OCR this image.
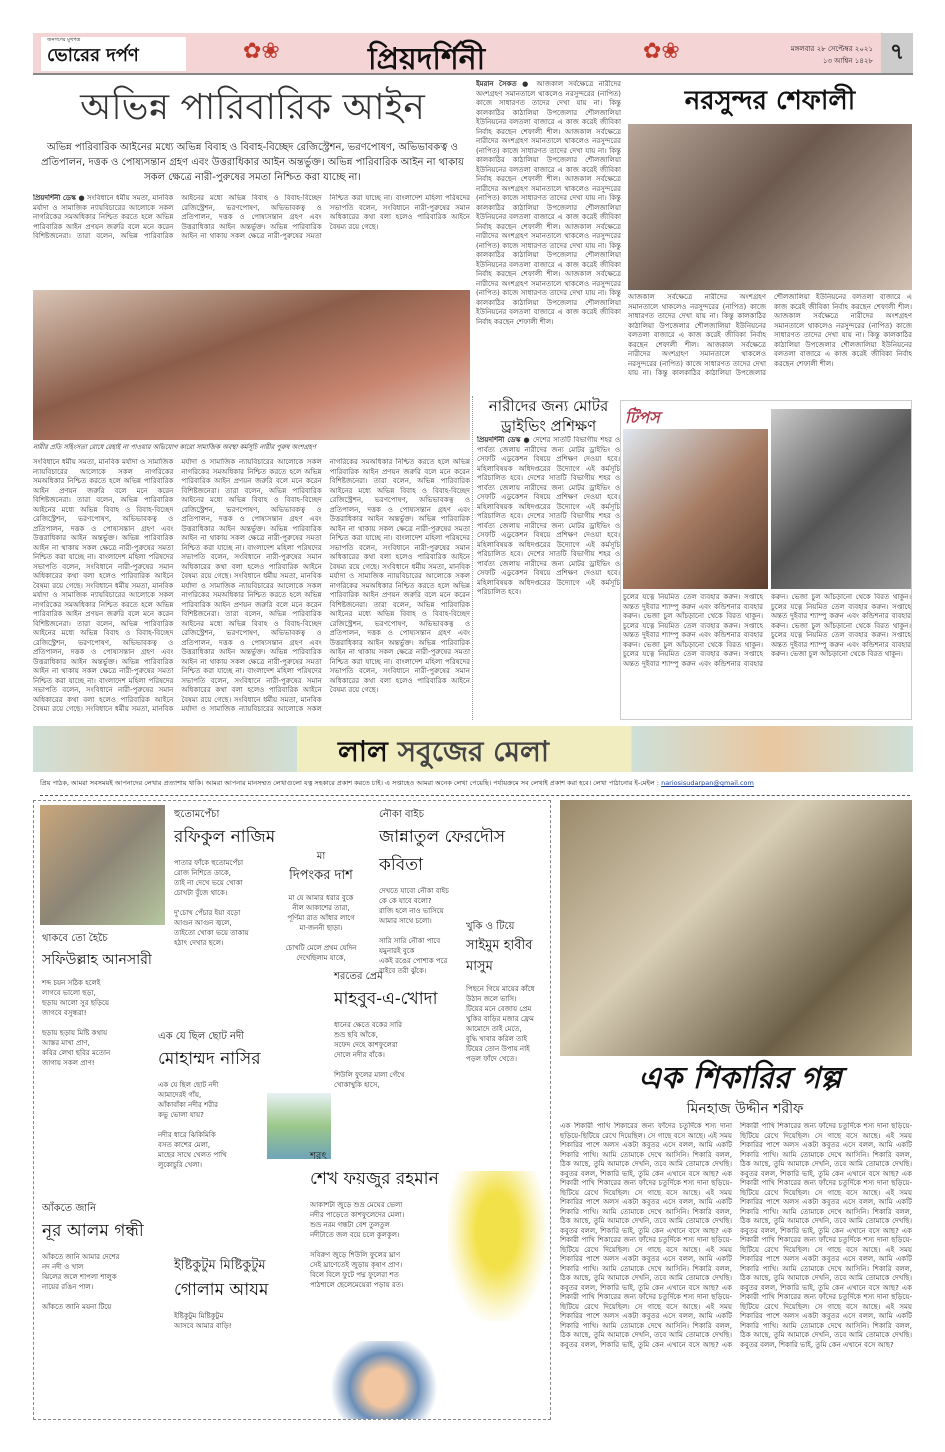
জনগণের মুখপত্র
ভোরের দর্পণ	✿❀	প্রিয়দর্শিনী	✿❀	মঙ্গলবার ২৮ সেপ্টেম্বর ২০২১
১৩ আশ্বিন ১৪২৮ ৭
অভিন্ন পারিবারিক আইন
অভিন্ন পারিবারিক আইনের মধ্যে অভিন্ন বিবাহ ও বিবাহ-বিচ্ছেদ রেজিস্ট্রেশন, ভরণপোষণ, অভিভাবকত্ব ও প্রতিপালন, দত্তক ও পোষ্যসন্তান গ্রহণ এবং উত্তরাধিকার আইন অন্তর্ভুক্ত। অভিন্ন পারিবারিক আইন না থাকায় সকল ক্ষেত্রে নারী-পুরুষের সমতা নিশ্চিত করা যাচ্ছে না।
প্রিয়দর্শিনী ডেস্ক ● সংবিধানে ধর্মীয় সমতা, মানবিক মর্যাদা ও সামাজিক ন্যায়বিচারের আলোকে সকল নাগরিকের সমঅধিকার নিশ্চিত করতে হলে অভিন্ন পারিবারিক আইন প্রণয়ন জরুরি বলে মনে করেন বিশিষ্টজনেরা। তারা বলেন, অভিন্ন পারিবারিক আইনের মধ্যে অভিন্ন বিবাহ ও বিবাহ-বিচ্ছেদ রেজিস্ট্রেশন, ভরণপোষণ, অভিভাবকত্ব ও প্রতিপালন, দত্তক ও পোষ্যসন্তান গ্রহণ এবং উত্তরাধিকার আইন অন্তর্ভুক্ত। অভিন্ন পারিবারিক আইন না থাকায় সকল ক্ষেত্রে নারী-পুরুষের সমতা নিশ্চিত করা যাচ্ছে না। বাংলাদেশ মহিলা পরিষদের সভাপতি বলেন, সংবিধানে নারী-পুরুষের সমান অধিকারের কথা বলা হলেও পারিবারিক আইনে বৈষম্য রয়ে গেছে।
নারীর প্রতি সহিংসতা রোধে রেহাই না পাওয়ার অভিযোগ কারো সামাজিক অবস্থা কর্মসূচি নারীর পুরুষ অংশগ্রহণ
সংবিধানে ধর্মীয় সমতা, মানবিক মর্যাদা ও সামাজিক ন্যায়বিচারের আলোকে সকল নাগরিকের সমঅধিকার নিশ্চিত করতে হলে অভিন্ন পারিবারিক আইন প্রণয়ন জরুরি বলে মনে করেন বিশিষ্টজনেরা। তারা বলেন, অভিন্ন পারিবারিক আইনের মধ্যে অভিন্ন বিবাহ ও বিবাহ-বিচ্ছেদ রেজিস্ট্রেশন, ভরণপোষণ, অভিভাবকত্ব ও প্রতিপালন, দত্তক ও পোষ্যসন্তান গ্রহণ এবং উত্তরাধিকার আইন অন্তর্ভুক্ত। অভিন্ন পারিবারিক আইন না থাকায় সকল ক্ষেত্রে নারী-পুরুষের সমতা নিশ্চিত করা যাচ্ছে না। বাংলাদেশ মহিলা পরিষদের সভাপতি বলেন, সংবিধানে নারী-পুরুষের সমান অধিকারের কথা বলা হলেও পারিবারিক আইনে বৈষম্য রয়ে গেছে। সংবিধানে ধর্মীয় সমতা, মানবিক মর্যাদা ও সামাজিক ন্যায়বিচারের আলোকে সকল নাগরিকের সমঅধিকার নিশ্চিত করতে হলে অভিন্ন পারিবারিক আইন প্রণয়ন জরুরি বলে মনে করেন বিশিষ্টজনেরা। তারা বলেন, অভিন্ন পারিবারিক আইনের মধ্যে অভিন্ন বিবাহ ও বিবাহ-বিচ্ছেদ রেজিস্ট্রেশন, ভরণপোষণ, অভিভাবকত্ব ও প্রতিপালন, দত্তক ও পোষ্যসন্তান গ্রহণ এবং উত্তরাধিকার আইন অন্তর্ভুক্ত। অভিন্ন পারিবারিক আইন না থাকায় সকল ক্ষেত্রে নারী-পুরুষের সমতা নিশ্চিত করা যাচ্ছে না। বাংলাদেশ মহিলা পরিষদের সভাপতি বলেন, সংবিধানে নারী-পুরুষের সমান অধিকারের কথা বলা হলেও পারিবারিক আইনে বৈষম্য রয়ে গেছে। সংবিধানে ধর্মীয় সমতা, মানবিক মর্যাদা ও সামাজিক ন্যায়বিচারের আলোকে সকল নাগরিকের সমঅধিকার নিশ্চিত করতে হলে অভিন্ন পারিবারিক আইন প্রণয়ন জরুরি বলে মনে করেন বিশিষ্টজনেরা। তারা বলেন, অভিন্ন পারিবারিক আইনের মধ্যে অভিন্ন বিবাহ ও বিবাহ-বিচ্ছেদ রেজিস্ট্রেশন, ভরণপোষণ, অভিভাবকত্ব ও প্রতিপালন, দত্তক ও পোষ্যসন্তান গ্রহণ এবং উত্তরাধিকার আইন অন্তর্ভুক্ত। অভিন্ন পারিবারিক আইন না থাকায় সকল ক্ষেত্রে নারী-পুরুষের সমতা নিশ্চিত করা যাচ্ছে না। বাংলাদেশ মহিলা পরিষদের সভাপতি বলেন, সংবিধানে নারী-পুরুষের সমান অধিকারের কথা বলা হলেও পারিবারিক আইনে বৈষম্য রয়ে গেছে। সংবিধানে ধর্মীয় সমতা, মানবিক মর্যাদা ও সামাজিক ন্যায়বিচারের আলোকে সকল নাগরিকের সমঅধিকার নিশ্চিত করতে হলে অভিন্ন পারিবারিক আইন প্রণয়ন জরুরি বলে মনে করেন বিশিষ্টজনেরা। তারা বলেন, অভিন্ন পারিবারিক আইনের মধ্যে অভিন্ন বিবাহ ও বিবাহ-বিচ্ছেদ রেজিস্ট্রেশন, ভরণপোষণ, অভিভাবকত্ব ও প্রতিপালন, দত্তক ও পোষ্যসন্তান গ্রহণ এবং উত্তরাধিকার আইন অন্তর্ভুক্ত। অভিন্ন পারিবারিক আইন না থাকায় সকল ক্ষেত্রে নারী-পুরুষের সমতা নিশ্চিত করা যাচ্ছে না। বাংলাদেশ মহিলা পরিষদের সভাপতি বলেন, সংবিধানে নারী-পুরুষের সমান অধিকারের কথা বলা হলেও পারিবারিক আইনে বৈষম্য রয়ে গেছে। সংবিধানে ধর্মীয় সমতা, মানবিক মর্যাদা ও সামাজিক ন্যায়বিচারের আলোকে সকল নাগরিকের সমঅধিকার নিশ্চিত করতে হলে অভিন্ন পারিবারিক আইন প্রণয়ন জরুরি বলে মনে করেন বিশিষ্টজনেরা। তারা বলেন, অভিন্ন পারিবারিক আইনের মধ্যে অভিন্ন বিবাহ ও বিবাহ-বিচ্ছেদ রেজিস্ট্রেশন, ভরণপোষণ, অভিভাবকত্ব ও প্রতিপালন, দত্তক ও পোষ্যসন্তান গ্রহণ এবং উত্তরাধিকার আইন অন্তর্ভুক্ত। অভিন্ন পারিবারিক আইন না থাকায় সকল ক্ষেত্রে নারী-পুরুষের সমতা নিশ্চিত করা যাচ্ছে না। বাংলাদেশ মহিলা পরিষদের সভাপতি বলেন, সংবিধানে নারী-পুরুষের সমান অধিকারের কথা বলা হলেও পারিবারিক আইনে বৈষম্য রয়ে গেছে। সংবিধানে ধর্মীয় সমতা, মানবিক মর্যাদা ও সামাজিক ন্যায়বিচারের আলোকে সকল নাগরিকের সমঅধিকার নিশ্চিত করতে হলে অভিন্ন পারিবারিক আইন প্রণয়ন জরুরি বলে মনে করেন বিশিষ্টজনেরা। তারা বলেন, অভিন্ন পারিবারিক আইনের মধ্যে অভিন্ন বিবাহ ও বিবাহ-বিচ্ছেদ রেজিস্ট্রেশন, ভরণপোষণ, অভিভাবকত্ব ও প্রতিপালন, দত্তক ও পোষ্যসন্তান গ্রহণ এবং উত্তরাধিকার আইন অন্তর্ভুক্ত। অভিন্ন পারিবারিক আইন না থাকায় সকল ক্ষেত্রে নারী-পুরুষের সমতা নিশ্চিত করা যাচ্ছে না। বাংলাদেশ মহিলা পরিষদের সভাপতি বলেন, সংবিধানে নারী-পুরুষের সমান অধিকারের কথা বলা হলেও পারিবারিক আইনে বৈষম্য রয়ে গেছে।
ইমরান সৈকত ● আজকাল সর্বক্ষেত্রে নারীদের অংশগ্রহণ সমানতালে থাকলেও নরসুন্দরের (নাপিত) কাজে সাধারণত তাদের দেখা যায় না। কিন্তু কালকাঠির কাঠালিয়া উপজেলার শৌলজালিয়া ইউনিয়নের বলতলা বাজারে এ কাজ করেই জীবিকা নির্বাহ করছেন শেফালী শীল। আজকাল সর্বক্ষেত্রে নারীদের অংশগ্রহণ সমানতালে থাকলেও নরসুন্দরের (নাপিত) কাজে সাধারণত তাদের দেখা যায় না। কিন্তু কালকাঠির কাঠালিয়া উপজেলার শৌলজালিয়া ইউনিয়নের বলতলা বাজারে এ কাজ করেই জীবিকা নির্বাহ করছেন শেফালী শীল। আজকাল সর্বক্ষেত্রে নারীদের অংশগ্রহণ সমানতালে থাকলেও নরসুন্দরের (নাপিত) কাজে সাধারণত তাদের দেখা যায় না। কিন্তু কালকাঠির কাঠালিয়া উপজেলার শৌলজালিয়া ইউনিয়নের বলতলা বাজারে এ কাজ করেই জীবিকা নির্বাহ করছেন শেফালী শীল। আজকাল সর্বক্ষেত্রে নারীদের অংশগ্রহণ সমানতালে থাকলেও নরসুন্দরের (নাপিত) কাজে সাধারণত তাদের দেখা যায় না। কিন্তু কালকাঠির কাঠালিয়া উপজেলার শৌলজালিয়া ইউনিয়নের বলতলা বাজারে এ কাজ করেই জীবিকা নির্বাহ করছেন শেফালী শীল। আজকাল সর্বক্ষেত্রে নারীদের অংশগ্রহণ সমানতালে থাকলেও নরসুন্দরের (নাপিত) কাজে সাধারণত তাদের দেখা যায় না। কিন্তু কালকাঠির কাঠালিয়া উপজেলার শৌলজালিয়া ইউনিয়নের বলতলা বাজারে এ কাজ করেই জীবিকা নির্বাহ করছেন শেফালী শীল।
নরসুন্দর শেফালী
আজকাল সর্বক্ষেত্রে নারীদের অংশগ্রহণ সমানতালে থাকলেও নরসুন্দরের (নাপিত) কাজে সাধারণত তাদের দেখা যায় না। কিন্তু কালকাঠির কাঠালিয়া উপজেলার শৌলজালিয়া ইউনিয়নের বলতলা বাজারে এ কাজ করেই জীবিকা নির্বাহ করছেন শেফালী শীল। আজকাল সর্বক্ষেত্রে নারীদের অংশগ্রহণ সমানতালে থাকলেও নরসুন্দরের (নাপিত) কাজে সাধারণত তাদের দেখা যায় না। কিন্তু কালকাঠির কাঠালিয়া উপজেলার শৌলজালিয়া ইউনিয়নের বলতলা বাজারে এ কাজ করেই জীবিকা নির্বাহ করছেন শেফালী শীল। আজকাল সর্বক্ষেত্রে নারীদের অংশগ্রহণ সমানতালে থাকলেও নরসুন্দরের (নাপিত) কাজে সাধারণত তাদের দেখা যায় না। কিন্তু কালকাঠির কাঠালিয়া উপজেলার শৌলজালিয়া ইউনিয়নের বলতলা বাজারে এ কাজ করেই জীবিকা নির্বাহ করছেন শেফালী শীল।
নারীদের জন্য মোটর ড্রাইভিং প্রশিক্ষণ
প্রিয়দর্শিনী ডেস্ক ● দেশের সাতটি বিভাগীয় শহর ও পার্বত্য জেলায় নারীদের জন্য মোটর ড্রাইভিং ও সেফটি এডুকেশন বিষয়ে প্রশিক্ষণ দেওয়া হবে। মহিলাবিষয়ক অধিদপ্তরের উদ্যোগে এই কর্মসূচি পরিচালিত হবে। দেশের সাতটি বিভাগীয় শহর ও পার্বত্য জেলায় নারীদের জন্য মোটর ড্রাইভিং ও সেফটি এডুকেশন বিষয়ে প্রশিক্ষণ দেওয়া হবে। মহিলাবিষয়ক অধিদপ্তরের উদ্যোগে এই কর্মসূচি পরিচালিত হবে। দেশের সাতটি বিভাগীয় শহর ও পার্বত্য জেলায় নারীদের জন্য মোটর ড্রাইভিং ও সেফটি এডুকেশন বিষয়ে প্রশিক্ষণ দেওয়া হবে। মহিলাবিষয়ক অধিদপ্তরের উদ্যোগে এই কর্মসূচি পরিচালিত হবে। দেশের সাতটি বিভাগীয় শহর ও পার্বত্য জেলায় নারীদের জন্য মোটর ড্রাইভিং ও সেফটি এডুকেশন বিষয়ে প্রশিক্ষণ দেওয়া হবে। মহিলাবিষয়ক অধিদপ্তরের উদ্যোগে এই কর্মসূচি পরিচালিত হবে।
টিপস
চুলের যত্নে নিয়মিত তেল ব্যবহার করুন। সপ্তাহে অন্তত দুইবার শ্যাম্পু করুন এবং কন্ডিশনার ব্যবহার করুন। ভেজা চুল আঁচড়ানো থেকে বিরত থাকুন। চুলের যত্নে নিয়মিত তেল ব্যবহার করুন। সপ্তাহে অন্তত দুইবার শ্যাম্পু করুন এবং কন্ডিশনার ব্যবহার করুন। ভেজা চুল আঁচড়ানো থেকে বিরত থাকুন। চুলের যত্নে নিয়মিত তেল ব্যবহার করুন। সপ্তাহে অন্তত দুইবার শ্যাম্পু করুন এবং কন্ডিশনার ব্যবহার করুন। ভেজা চুল আঁচড়ানো থেকে বিরত থাকুন। চুলের যত্নে নিয়মিত তেল ব্যবহার করুন। সপ্তাহে অন্তত দুইবার শ্যাম্পু করুন এবং কন্ডিশনার ব্যবহার করুন। ভেজা চুল আঁচড়ানো থেকে বিরত থাকুন। চুলের যত্নে নিয়মিত তেল ব্যবহার করুন। সপ্তাহে অন্তত দুইবার শ্যাম্পু করুন এবং কন্ডিশনার ব্যবহার করুন। ভেজা চুল আঁচড়ানো থেকে বিরত থাকুন।
লাল সবুজের মেলা
প্রিয় পাঠক, আমরা সবসময়ই আপনাদের লেখার প্রত্যাশায় থাকি। আমরা আপনার মানসম্মত লেখাগুলো যত্ন সহকারে প্রকাশ করতে চাই। এ সপ্তাহেও আমরা অনেক লেখা পেয়েছি। পর্যায়ক্রমে সব লেখাই প্রকাশ করা হবে। লেখা পাঠানোর ই-মেইল : nariosisudarpan@gmail.com
হুতোমপেঁচা
রফিকুল নাজিম
পাতার ফাঁকে হুতোমপেঁচা
রোজ নিশিতে ডাকে,
তাই না দেখে ভয়ে খোকা
চোখটা বুঁজে থাকে।

দু'চোখ পেঁচার ইয়া বড়ো
আগুন আগুন জ্বলে,
তাইতো খোকা ভয়ে তাকায়
হঠাৎ দেখার ছলে।
মা
দিপংকর দাশ
মা যে আমার ধরার বুকে
নীল আকাশের তারা,
পূর্ণিমা রাত আঁধার লাগে
মা-জননী ছাড়া।

চোখটি মেলে প্রথম যেদিন
দেখেছিলাম যাকে,
নৌকা বাইচ
জান্নাতুল ফেরদৌস কবিতা
দেখতে যাবো নৌকা বাইচ
কে কে যাবে বলো?
রাজি হলে নাও ভাসিয়ে
আমার সাথে চলো।

সারি সারি নৌকা পাবে
যমুনারই বুকে
একই রঙের পোশাক পরে
বাইবে তরী ঝুঁকে।
খুকি ও টিয়ে
সাইমুম হাবীব মাসুম
পিছনে গিয়ে মায়ের কাঁধে
উঠান জলে ভাসি।
টিয়ের মনে বেজায় প্রেম
খুকির বাড়ির মজার ফ্রেম
আমোদে তাই মেতে,
বুদ্ধি খাবার করিল তাই
টিয়ের তোন উপায় নাই
পড়ল ফাঁদে খেতে।
থাকবে তো হৈচৈ
সফিউল্লাহ আনসারী
শব্দ চয়ন সঠিক হলেই
লাগবে ভালো ছড়া,
ছড়ায় আলো সুর ছড়িয়ে
জাগবে বসুন্ধরা!

ছড়ায় ছড়ায় মিষ্টি কথায়
আস্তর মাখা প্রাণ,
কবির লেখা ছবির মতোন
জাগায় সকল প্রাণ!
এক যে ছিল ছোট নদী
মোহাম্মদ নাসির
এক যে ছিল ছোট নদী
আমাদেরই গাঁয়,
আঁকাবাঁকা নদীর শরীর
কভু ভোলা যায়?

নদীর ধারে ঝিকিমিকি
বসত কাশের মেলা,
মাছের সাথে খেলত পাখি
লুকোচুরি খেলা।
শরতের প্রেম
মাহবুব-এ-খোদা
ধানের ক্ষেতে বকের সারি
শুভ্র ছবি আঁকে,
সফেদ দেহে কাশফুলেরা
দোলে নদীর বাঁকে।

শিউলি ফুলের মালা গেঁথে
খোকাখুকি হাসে,
আঁকতে জানি
নূর আলম গন্ধী
আঁকতে জানি আমার দেশের
নদ নদী ও খাল
ঝিলের জলে শাপলা শালুক
নায়ের রঙিন পাল।

আঁকতে জানি ময়না টিয়ে
ইষ্টিকুটুম মিষ্টিকুটুম
গোলাম আযম
ইষ্টিকুটুম মিষ্টিকুটুম
আসবে আমার বাড়ি!
শরৎ
শেখ ফয়জুর রহমান
আকাশটা জুড়ে শুভ্র মেঘের ভেলা
নদীর পাড়েতে কাশফুলেদের মেলা।
শুভ্র নরম গন্ধটা বেশ তুলতুল
নদীটাতে জল বয়ে চলে কুলকুল।

সবিরুণ জুড়ে শিউলি ফুলের ঘ্রাণ
সেই ঘ্রাণেতেই জুড়ায় কৃষাণ প্রাণ।
বিলে বিলে ফুটে পদ্ম ফুলেরা শত
পাঠশালে ছেলেমেয়েরা পড়ায় রত।
এক শিকারির গল্প
মিনহাজ উদ্দীন শরীফ
এক শিকারী পাখি শিকারের জন্য ফাঁদের চতুর্দিকে শস্য দানা ছড়িয়ে-ছিটিয়ে রেখে দিয়েছিল। সে গাছে বসে আছে। এই সময় শিকারির পাশে অলস একটা কবুতর এসে বলল, আমি একটি শিকারি পাখি। আমি তোমাকে দেখে আসিনি। শিকারি বলল, ঠিক আছে, তুমি আমাকে দেখনি, তবে আমি তোমাকে দেখছি। কবুতর বলল, শিকারি ভাই, তুমি কেন এখানে বসে আছ? এক শিকারী পাখি শিকারের জন্য ফাঁদের চতুর্দিকে শস্য দানা ছড়িয়ে-ছিটিয়ে রেখে দিয়েছিল। সে গাছে বসে আছে। এই সময় শিকারির পাশে অলস একটা কবুতর এসে বলল, আমি একটি শিকারি পাখি। আমি তোমাকে দেখে আসিনি। শিকারি বলল, ঠিক আছে, তুমি আমাকে দেখনি, তবে আমি তোমাকে দেখছি। কবুতর বলল, শিকারি ভাই, তুমি কেন এখানে বসে আছ? এক শিকারী পাখি শিকারের জন্য ফাঁদের চতুর্দিকে শস্য দানা ছড়িয়ে-ছিটিয়ে রেখে দিয়েছিল। সে গাছে বসে আছে। এই সময় শিকারির পাশে অলস একটা কবুতর এসে বলল, আমি একটি শিকারি পাখি। আমি তোমাকে দেখে আসিনি। শিকারি বলল, ঠিক আছে, তুমি আমাকে দেখনি, তবে আমি তোমাকে দেখছি। কবুতর বলল, শিকারি ভাই, তুমি কেন এখানে বসে আছ? এক শিকারী পাখি শিকারের জন্য ফাঁদের চতুর্দিকে শস্য দানা ছড়িয়ে-ছিটিয়ে রেখে দিয়েছিল। সে গাছে বসে আছে। এই সময় শিকারির পাশে অলস একটা কবুতর এসে বলল, আমি একটি শিকারি পাখি। আমি তোমাকে দেখে আসিনি। শিকারি বলল, ঠিক আছে, তুমি আমাকে দেখনি, তবে আমি তোমাকে দেখছি। কবুতর বলল, শিকারি ভাই, তুমি কেন এখানে বসে আছ? এক শিকারী পাখি শিকারের জন্য ফাঁদের চতুর্দিকে শস্য দানা ছড়িয়ে-ছিটিয়ে রেখে দিয়েছিল। সে গাছে বসে আছে। এই সময় শিকারির পাশে অলস একটা কবুতর এসে বলল, আমি একটি শিকারি পাখি। আমি তোমাকে দেখে আসিনি। শিকারি বলল, ঠিক আছে, তুমি আমাকে দেখনি, তবে আমি তোমাকে দেখছি। কবুতর বলল, শিকারি ভাই, তুমি কেন এখানে বসে আছ? এক শিকারী পাখি শিকারের জন্য ফাঁদের চতুর্দিকে শস্য দানা ছড়িয়ে-ছিটিয়ে রেখে দিয়েছিল। সে গাছে বসে আছে। এই সময় শিকারির পাশে অলস একটা কবুতর এসে বলল, আমি একটি শিকারি পাখি। আমি তোমাকে দেখে আসিনি। শিকারি বলল, ঠিক আছে, তুমি আমাকে দেখনি, তবে আমি তোমাকে দেখছি। কবুতর বলল, শিকারি ভাই, তুমি কেন এখানে বসে আছ? এক শিকারী পাখি শিকারের জন্য ফাঁদের চতুর্দিকে শস্য দানা ছড়িয়ে-ছিটিয়ে রেখে দিয়েছিল। সে গাছে বসে আছে। এই সময় শিকারির পাশে অলস একটা কবুতর এসে বলল, আমি একটি শিকারি পাখি। আমি তোমাকে দেখে আসিনি। শিকারি বলল, ঠিক আছে, তুমি আমাকে দেখনি, তবে আমি তোমাকে দেখছি। কবুতর বলল, শিকারি ভাই, তুমি কেন এখানে বসে আছ? এক শিকারী পাখি শিকারের জন্য ফাঁদের চতুর্দিকে শস্য দানা ছড়িয়ে-ছিটিয়ে রেখে দিয়েছিল। সে গাছে বসে আছে। এই সময় শিকারির পাশে অলস একটা কবুতর এসে বলল, আমি একটি শিকারি পাখি। আমি তোমাকে দেখে আসিনি। শিকারি বলল, ঠিক আছে, তুমি আমাকে দেখনি, তবে আমি তোমাকে দেখছি। কবুতর বলল, শিকারি ভাই, তুমি কেন এখানে বসে আছ?
